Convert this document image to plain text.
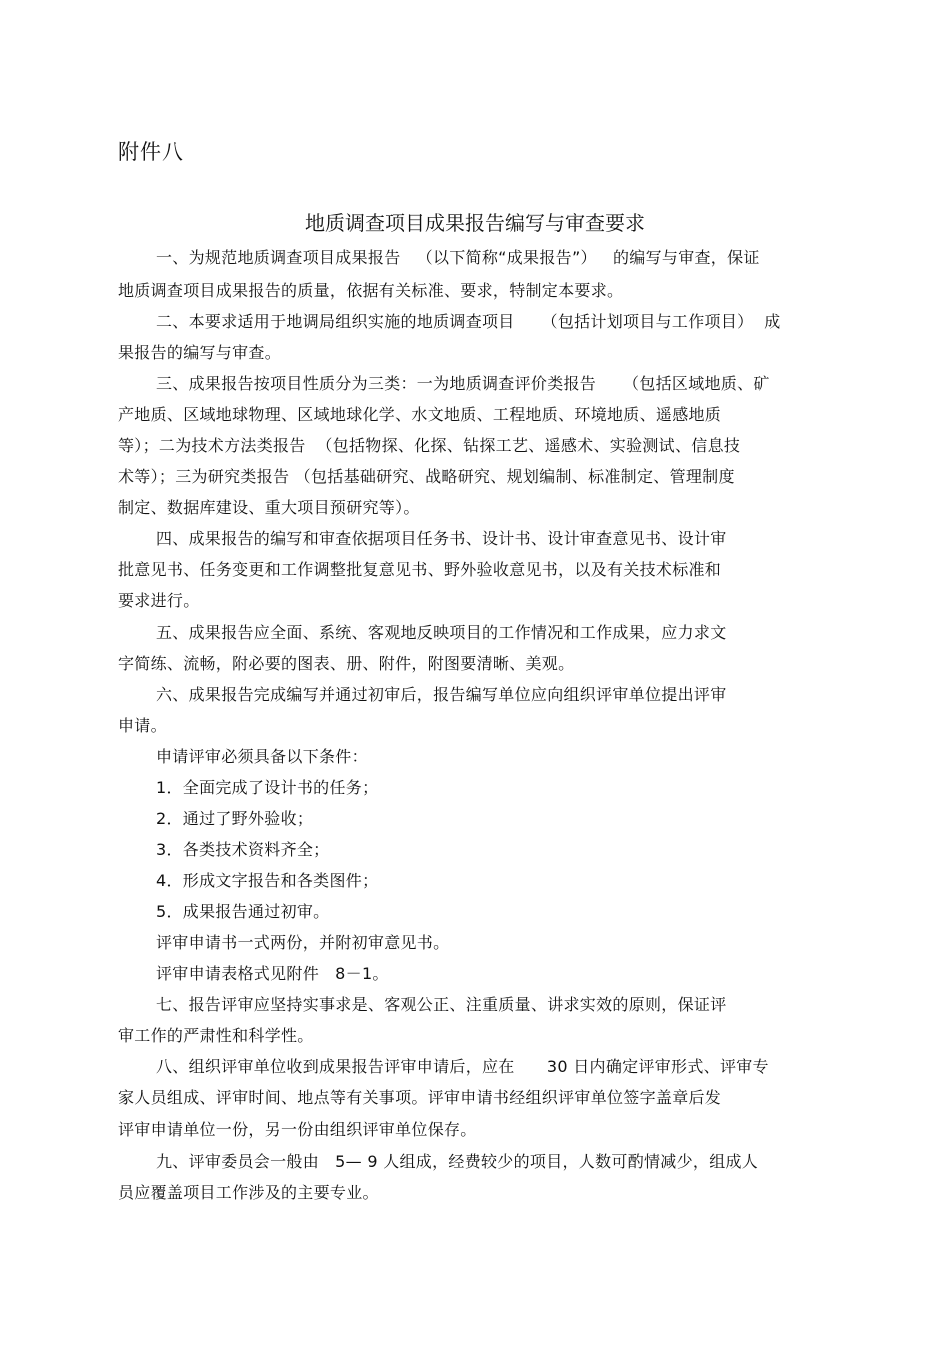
附件八
地质调查项目成果报告编写与审查要求
一、为规范地质调查项目成果报告   （以下简称“成果报告”）   的编写与审查，保证
地质调查项目成果报告的质量，依据有关标准、要求，特制定本要求。
二、本要求适用于地调局组织实施的地质调查项目     （包括计划项目与工作项目）  成
果报告的编写与审查。
三、成果报告按项目性质分为三类：一为地质调查评价类报告     （包括区域地质、矿
产地质、区域地球物理、区域地球化学、水文地质、工程地质、环境地质、遥感地质
等）；二为技术方法类报告  （包括物探、化探、钻探工艺、遥感术、实验测试、信息技
术等）；三为研究类报告 （包括基础研究、战略研究、规划编制、标准制定、管理制度
制定、数据库建设、重大项目预研究等）。
四、成果报告的编写和审查依据项目任务书、设计书、设计审查意见书、设计审
批意见书、任务变更和工作调整批复意见书、野外验收意见书，以及有关技术标准和
要求进行。
五、成果报告应全面、系统、客观地反映项目的工作情况和工作成果，应力求文
字简练、流畅，附必要的图表、册、附件，附图要清晰、美观。
六、成果报告完成编写并通过初审后，报告编写单位应向组织评审单位提出评审
申请。
申请评审必须具备以下条件：
1．全面完成了设计书的任务；
2．通过了野外验收；
3．各类技术资料齐全；
4．形成文字报告和各类图件；
5．成果报告通过初审。
评审申请书一式两份，并附初审意见书。
评审申请表格式见附件   8－1。
七、报告评审应坚持实事求是、客观公正、注重质量、讲求实效的原则，保证评
审工作的严肃性和科学性。
八、组织评审单位收到成果报告评审申请后，应在      30 日内确定评审形式、评审专
家人员组成、评审时间、地点等有关事项。评审申请书经组织评审单位签字盖章后发
评审申请单位一份，另一份由组织评审单位保存。
九、评审委员会一般由   5— 9 人组成，经费较少的项目，人数可酌情减少，组成人
员应覆盖项目工作涉及的主要专业。
